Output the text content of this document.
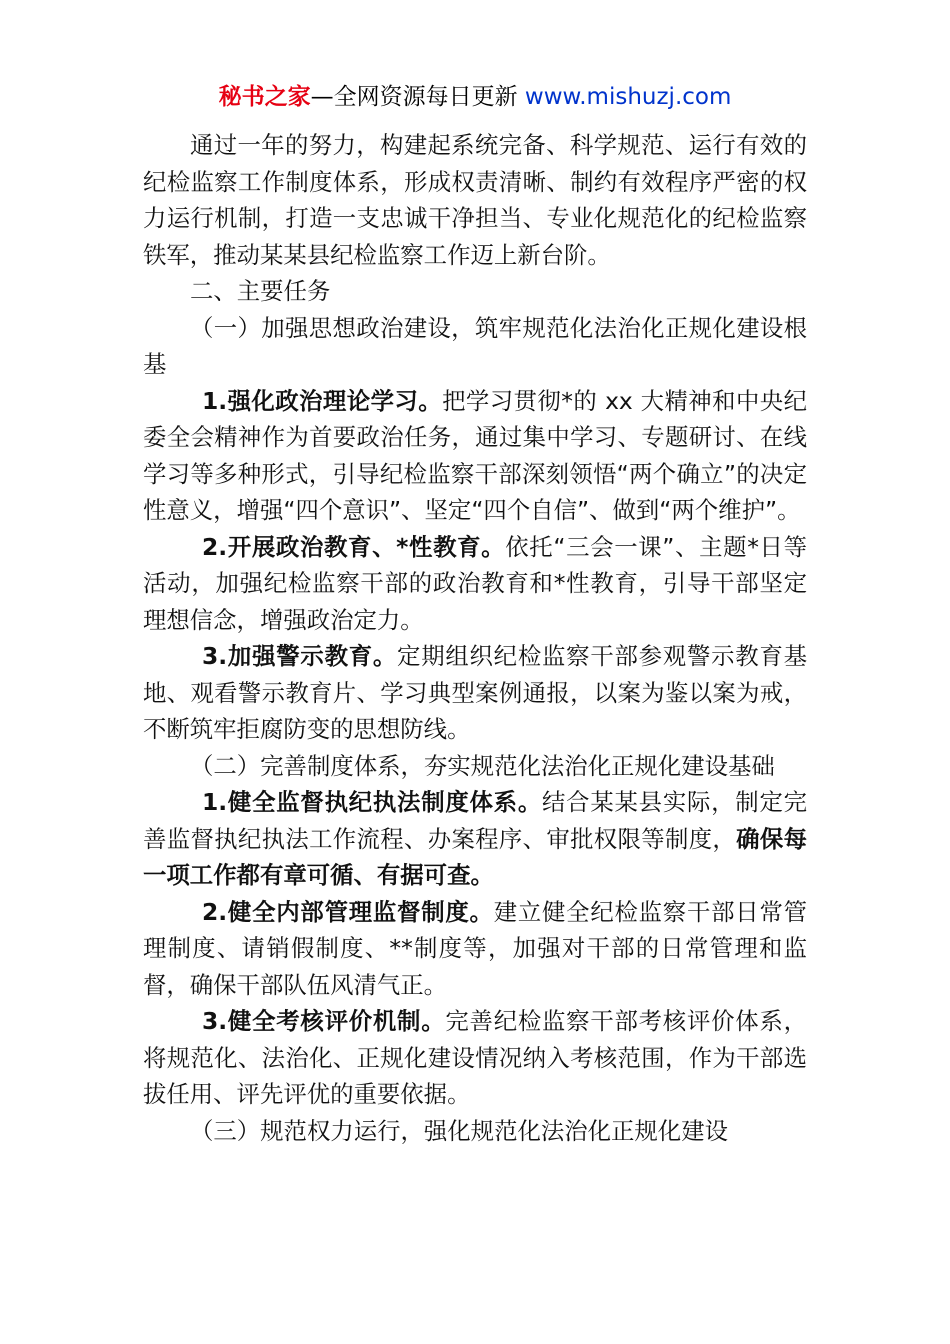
秘书之家—全网资源每日更新 www.mishuzj.com

通过一年的努力，构建起系统完备、科学规范、运行有效的纪检监察工作制度体系，形成权责清晰、制约有效程序严密的权力运行机制，打造一支忠诚干净担当、专业化规范化的纪检监察铁军，推动某某县纪检监察工作迈上新台阶。

二、主要任务

（一）加强思想政治建设，筑牢规范化法治化正规化建设根基

1.强化政治理论学习。把学习贯彻*的 xx 大精神和中央纪委全会精神作为首要政治任务，通过集中学习、专题研讨、在线学习等多种形式，引导纪检监察干部深刻领悟“两个确立”的决定性意义，增强“四个意识”、坚定“四个自信”、做到“两个维护”。

2.开展政治教育、*性教育。依托“三会一课”、主题*日等活动，加强纪检监察干部的政治教育和*性教育，引导干部坚定理想信念，增强政治定力。

3.加强警示教育。定期组织纪检监察干部参观警示教育基地、观看警示教育片、学习典型案例通报，以案为鉴以案为戒，不断筑牢拒腐防变的思想防线。

（二）完善制度体系，夯实规范化法治化正规化建设基础

1.健全监督执纪执法制度体系。结合某某县实际，制定完善监督执纪执法工作流程、办案程序、审批权限等制度，确保每一项工作都有章可循、有据可查。

2.健全内部管理监督制度。建立健全纪检监察干部日常管理制度、请销假制度、**制度等，加强对干部的日常管理和监督，确保干部队伍风清气正。

3.健全考核评价机制。完善纪检监察干部考核评价体系，将规范化、法治化、正规化建设情况纳入考核范围，作为干部选拔任用、评先评优的重要依据。

（三）规范权力运行，强化规范化法治化正规化建设
